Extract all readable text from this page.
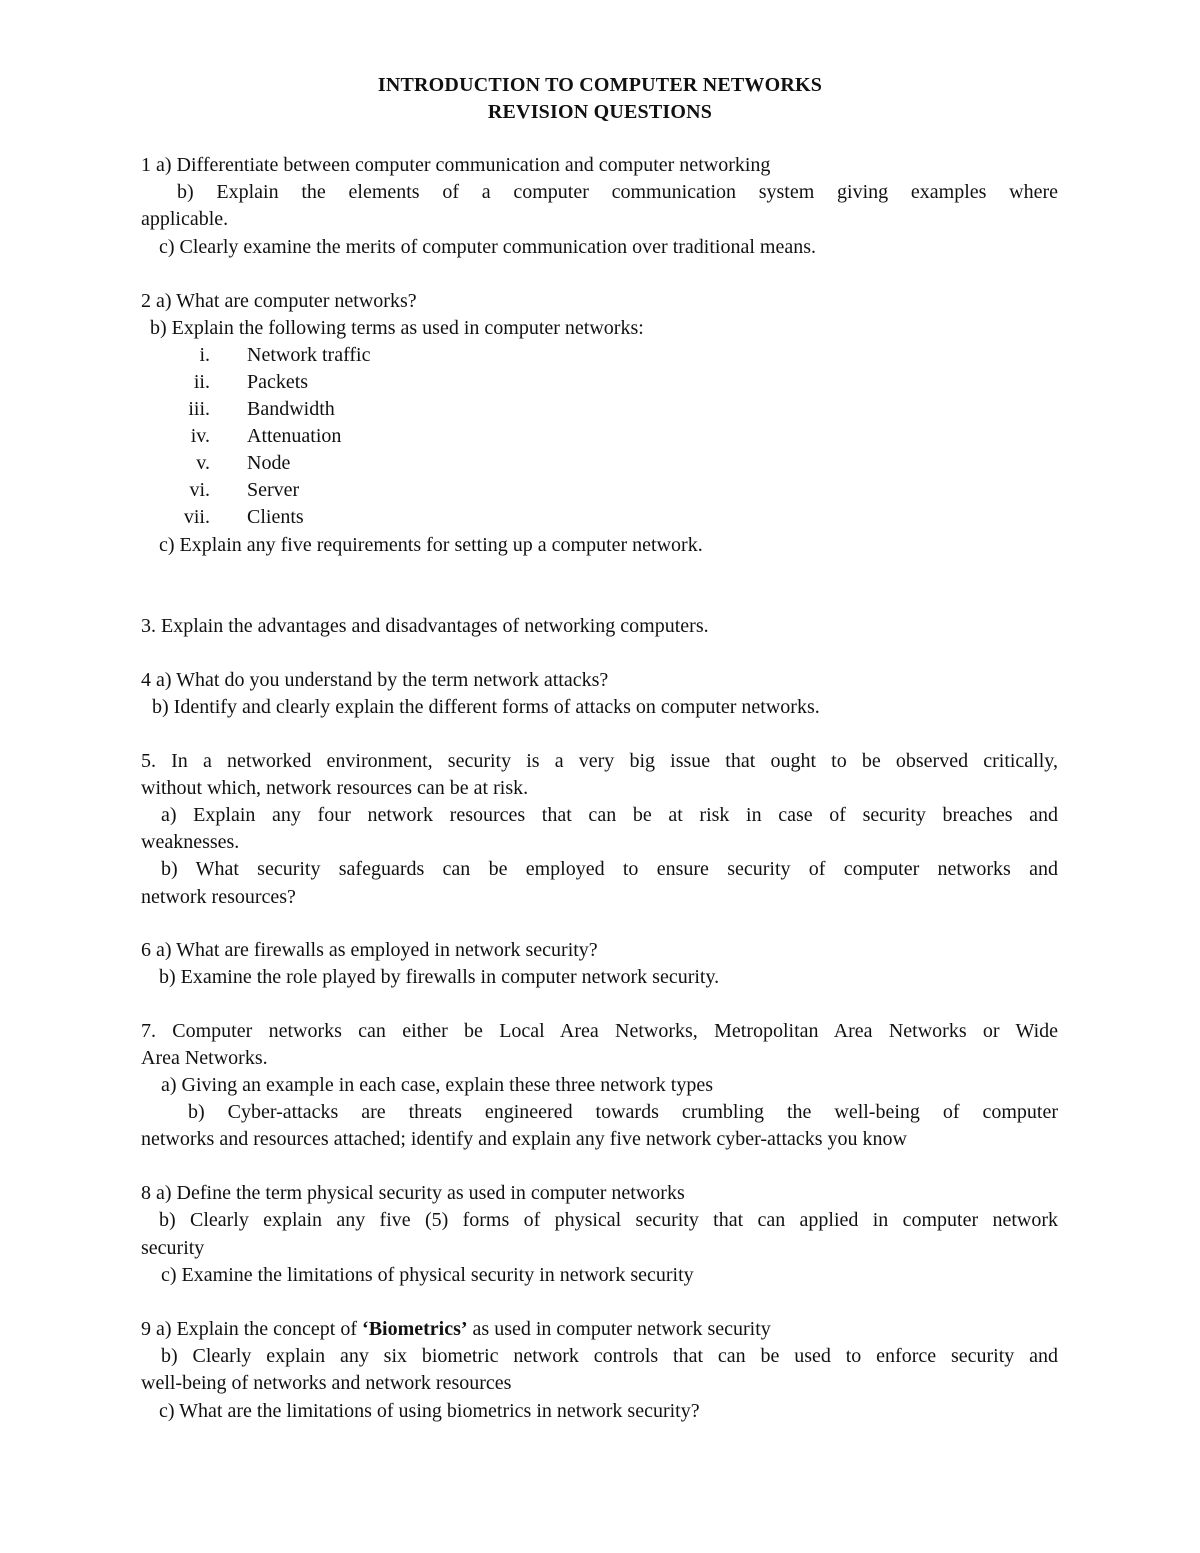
INTRODUCTION TO COMPUTER NETWORKS
REVISION QUESTIONS
1 a) Differentiate between computer communication and computer networking
b) Explain the elements of a computer communication system giving examples where
applicable.
c) Clearly examine the merits of computer communication over traditional means.
2 a) What are computer networks?
b) Explain the following terms as used in computer networks:
i. Network traffic
ii. Packets
iii. Bandwidth
iv. Attenuation
v. Node
vi. Server
vii. Clients
c) Explain any five requirements for setting up a computer network.
3. Explain the advantages and disadvantages of networking computers.
4 a) What do you understand by the term network attacks?
b) Identify and clearly explain the different forms of attacks on computer networks.
5. In a networked environment, security is a very big issue that ought to be observed critically,
without which, network resources can be at risk.
a) Explain any four network resources that can be at risk in case of security breaches and
weaknesses.
b) What security safeguards can be employed to ensure security of computer networks and
network resources?
6 a) What are firewalls as employed in network security?
b) Examine the role played by firewalls in computer network security.
7. Computer networks can either be Local Area Networks, Metropolitan Area Networks or Wide
Area Networks.
a) Giving an example in each case, explain these three network types
b) Cyber-attacks are threats engineered towards crumbling the well-being of computer
networks and resources attached; identify and explain any five network cyber-attacks you know
8 a) Define the term physical security as used in computer networks
b) Clearly explain any five (5) forms of physical security that can applied in computer network
security
c) Examine the limitations of physical security in network security
9 a) Explain the concept of ‘Biometrics’ as used in computer network security
b) Clearly explain any six biometric network controls that can be used to enforce security and
well-being of networks and network resources
c) What are the limitations of using biometrics in network security?
